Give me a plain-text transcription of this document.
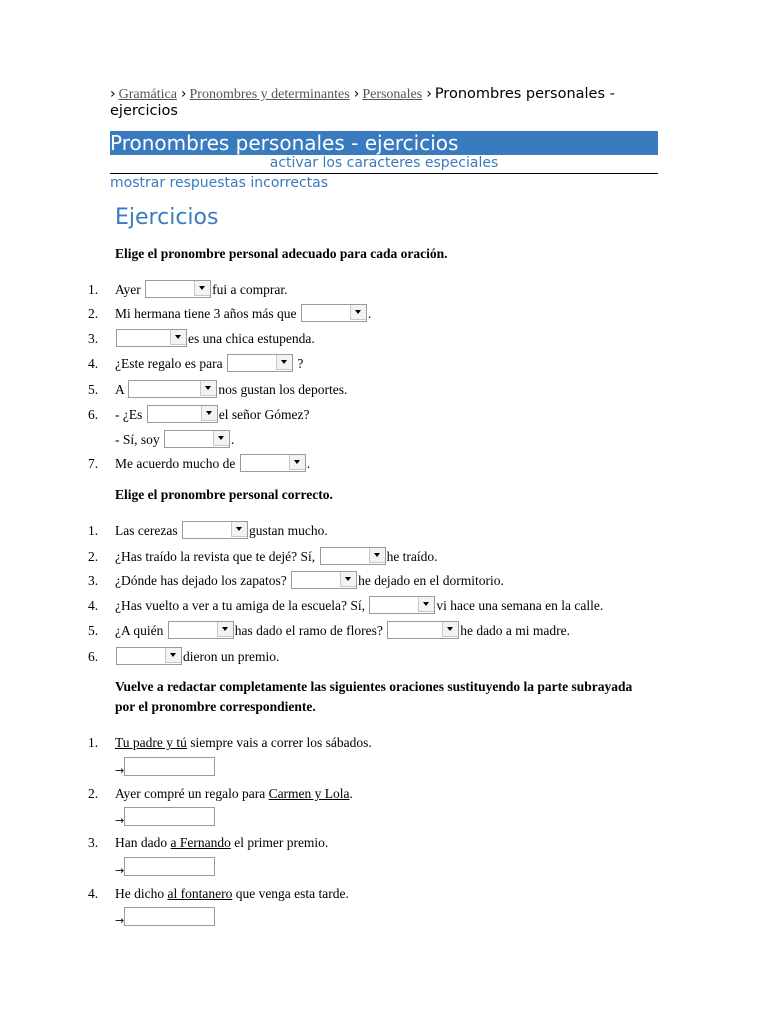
› Gramática › Pronombres y determinantes › Personales › Pronombres personales - ejercicios
Pronombres personales - ejercicios
activar los caracteres especiales
mostrar respuestas incorrectas
Ejercicios
Elige el pronombre personal adecuado para cada oración.
1. Ayer	fui a comprar.
2. Mi hermana tiene 3 años más que	.
3.	es una chica estupenda.
4. ¿Este regalo es para	?
5. A	nos gustan los deportes.
6. - ¿Es	el señor Gómez?
- Sí, soy	.
7. Me acuerdo mucho de	.
Elige el pronombre personal correcto.
1. Las cerezas	gustan mucho.
2. ¿Has traído la revista que te dejé? Sí,	he traído.
3. ¿Dónde has dejado los zapatos?	he dejado en el dormitorio.
4. ¿Has vuelto a ver a tu amiga de la escuela? Sí,	vi hace una semana en la calle.
5. ¿A quién	has dado el ramo de flores?	he dado a mi madre.
6.	dieron un premio.
Vuelve a redactar completamente las siguientes oraciones sustituyendo la parte subrayada por el pronombre correspondiente.
1. Tu padre y tú siempre vais a correr los sábados.
→
2. Ayer compré un regalo para Carmen y Lola.
→
3. Han dado a Fernando el primer premio.
→
4. He dicho al fontanero que venga esta tarde.
→
